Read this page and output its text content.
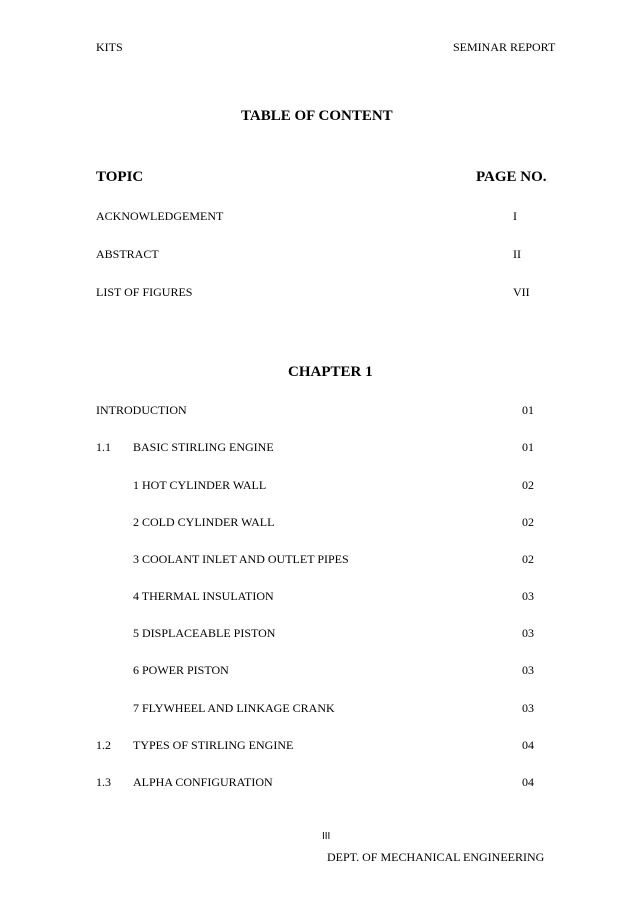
KITS	SEMINAR REPORT
TABLE OF CONTENT
TOPIC	PAGE NO.
ACKNOWLEDGEMENT	I
ABSTRACT	II
LIST OF FIGURES	VII
CHAPTER 1
INTRODUCTION	01
1.1 BASIC STIRLING ENGINE	01
1 HOT CYLINDER WALL	02
2 COLD CYLINDER WALL	02
3 COOLANT INLET AND OUTLET PIPES	02
4 THERMAL INSULATION	03
5 DISPLACEABLE PISTON	03
6 POWER PISTON	03
7 FLYWHEEL AND LINKAGE CRANK	03
1.2 TYPES OF STIRLING ENGINE	04
1.3 ALPHA CONFIGURATION	04
III
DEPT. OF MECHANICAL ENGINEERING
